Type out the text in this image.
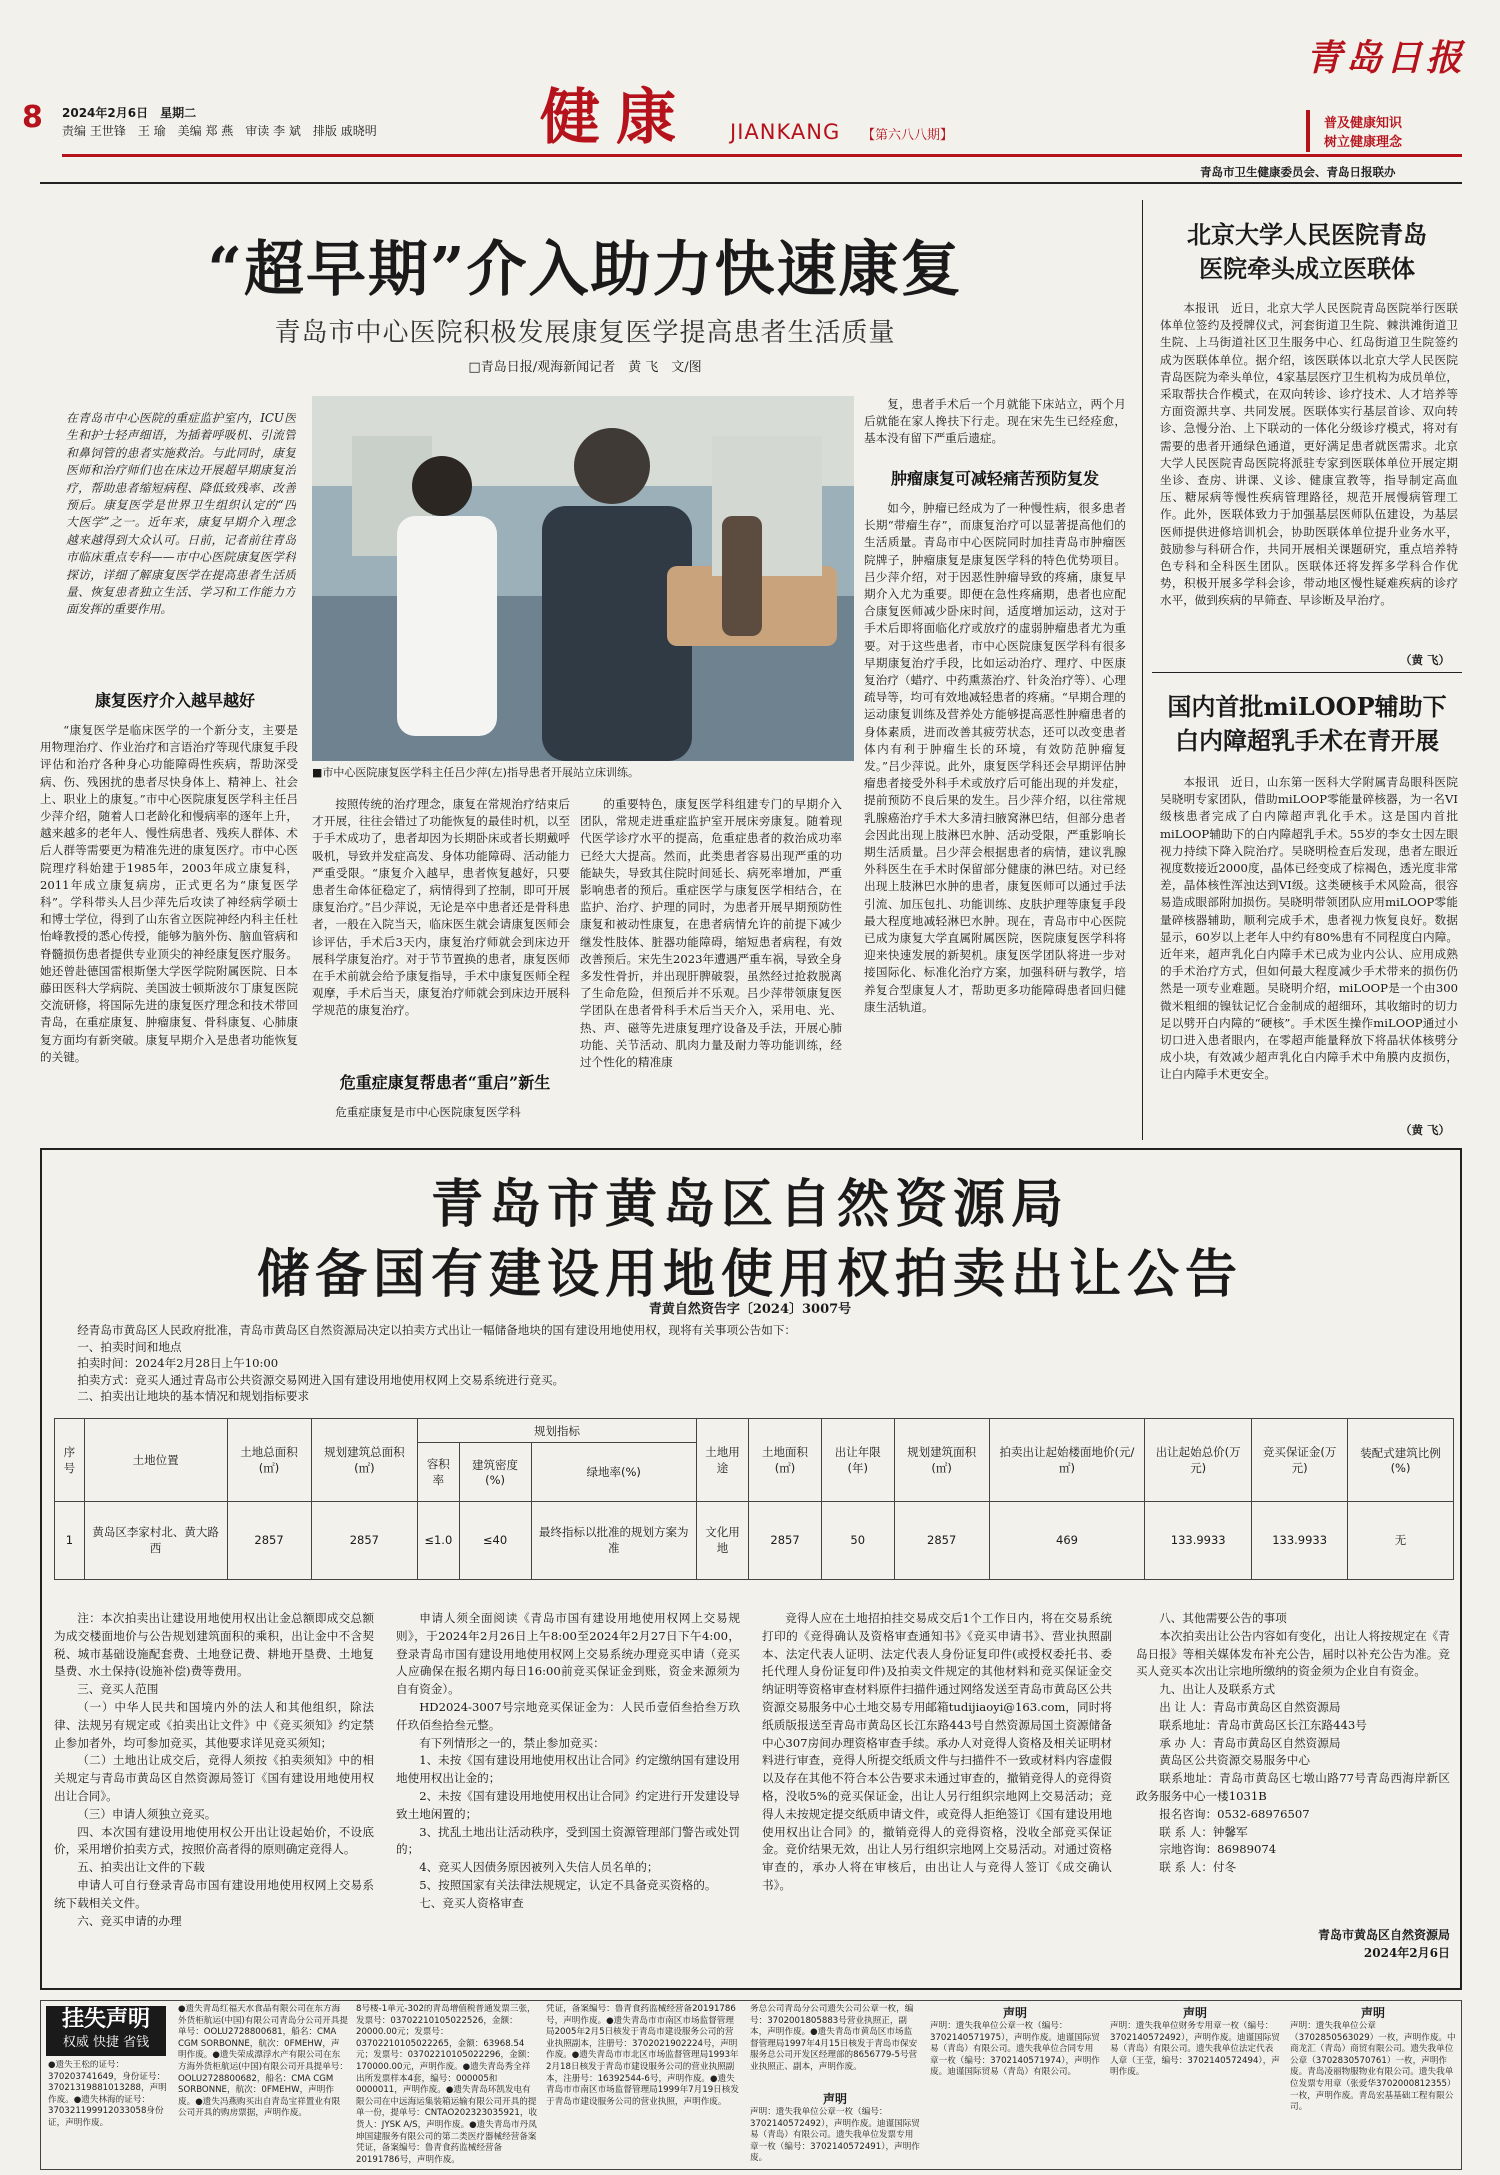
8 2024年2月6日　星期二
责编 王世锋　王 瑜　美编 郑 燕　审读 李 斌　排版 戚晓明	健康 JIANKANG 【第六八八期】
青岛日报
普及健康知识
树立健康理念
青岛市卫生健康委员会、青岛日报联办
“超早期”介入助力快速康复
青岛市中心医院积极发展康复医学提高患者生活质量
□青岛日报/观海新闻记者　黄 飞　文/图
在青岛市中心医院的重症监护室内，ICU医生和护士轻声细语，为插着呼吸机、引流管和鼻饲管的患者实施救治。与此同时，康复医师和治疗师们也在床边开展超早期康复治疗，帮助患者缩短病程、降低致残率、改善预后。康复医学是世界卫生组织认定的“四大医学”之一。近年来，康复早期介入理念越来越得到大众认可。日前，记者前往青岛市临床重点专科——市中心医院康复医学科探访，详细了解康复医学在提高患者生活质量、恢复患者独立生活、学习和工作能力方面发挥的重要作用。
康复医疗介入越早越好

“康复医学是临床医学的一个新分支，主要是用物理治疗、作业治疗和言语治疗等现代康复手段评估和治疗各种身心功能障碍性疾病，帮助深受病、伤、残困扰的患者尽快身体上、精神上、社会上、职业上的康复。”市中心医院康复医学科主任吕少萍介绍，随着人口老龄化和慢病率的逐年上升，越来越多的老年人、慢性病患者、残疾人群体、术后人群等需要更为精准先进的康复医疗。市中心医院理疗科始建于1985年，2003年成立康复科，2011年成立康复病房，正式更名为“康复医学科”。学科带头人吕少萍先后攻读了神经病学硕士和博士学位，得到了山东省立医院神经内科主任杜怡峰教授的悉心传授，能够为脑外伤、脑血管病和脊髓损伤患者提供专业顶尖的神经康复医疗服务。她还曾赴德国雷根斯堡大学医学院附属医院、日本藤田医科大学病院、美国波士顿斯波尔丁康复医院交流研修，将国际先进的康复医疗理念和技术带回青岛，在重症康复、肿瘤康复、骨科康复、心肺康复方面均有新突破。康复早期介入是患者功能恢复的关键。

■市中心医院康复医学科主任吕少萍(左)指导患者开展站立床训练。

按照传统的治疗理念，康复在常规治疗结束后才开展，往往会错过了功能恢复的最佳时机，以至于手术成功了，患者却因为长期卧床或者长期戴呼吸机，导致并发症高发、身体功能障碍、活动能力严重受限。“康复介入越早，患者恢复越好，只要患者生命体征稳定了，病情得到了控制，即可开展康复治疗。”吕少萍说，无论是卒中患者还是骨科患者，一般在入院当天，临床医生就会请康复医师会诊评估，手术后3天内，康复治疗师就会到床边开展科学康复治疗。对于节节置换的患者，康复医师在手术前就会给予康复指导，手术中康复医师全程观摩，手术后当天，康复治疗师就会到床边开展科学规范的康复治疗。

危重症康复帮患者“重启”新生

危重症康复是市中心医院康复医学科

的重要特色，康复医学科组建专门的早期介入团队，常规走进重症监护室开展床旁康复。随着现代医学诊疗水平的提高，危重症患者的救治成功率已经大大提高。然而，此类患者容易出现严重的功能缺失，导致其住院时间延长、病死率增加，严重影响患者的预后。重症医学与康复医学相结合，在监护、治疗、护理的同时，为患者开展早期预防性康复和被动性康复，在患者病情允许的前提下减少继发性肢体、脏器功能障碍，缩短患者病程，有效改善预后。宋先生2023年遭遇严重车祸，导致全身多发性骨折，并出现肝脾破裂，虽然经过抢救脱离了生命危险，但预后并不乐观。吕少萍带领康复医学团队在患者骨科手术后当天介入，采用电、光、热、声、磁等先进康复理疗设备及手法，开展心肺功能、关节活动、肌肉力量及耐力等功能训练，经过个性化的精准康

复，患者手术后一个月就能下床站立，两个月后就能在家人搀扶下行走。现在宋先生已经痊愈，基本没有留下严重后遗症。

肿瘤康复可减轻痛苦预防复发

如今，肿瘤已经成为了一种慢性病，很多患者长期“带瘤生存”，而康复治疗可以显著提高他们的生活质量。青岛市中心医院同时加挂青岛市肿瘤医院牌子，肿瘤康复是康复医学科的特色优势项目。吕少萍介绍，对于因恶性肿瘤导致的疼痛，康复早期介入尤为重要。即便在急性疼痛期，患者也应配合康复医师减少卧床时间，适度增加运动，这对于手术后即将面临化疗或放疗的虚弱肿瘤患者尤为重要。对于这些患者，市中心医院康复医学科有很多早期康复治疗手段，比如运动治疗、理疗、中医康复治疗（蜡疗、中药熏蒸治疗、针灸治疗等）、心理疏导等，均可有效地减轻患者的疼痛。“早期合理的运动康复训练及营养处方能够提高恶性肿瘤患者的身体素质，进而改善其疲劳状态，还可以改变患者体内有利于肿瘤生长的环境，有效防范肿瘤复发。”吕少萍说。此外，康复医学科还会早期评估肿瘤患者接受外科手术或放疗后可能出现的并发症，提前预防不良后果的发生。吕少萍介绍，以往常规乳腺癌治疗手术大多清扫腋窝淋巴结，但部分患者会因此出现上肢淋巴水肿、活动受限，严重影响长期生活质量。吕少萍会根据患者的病情，建议乳腺外科医生在手术时保留部分健康的淋巴结。对已经出现上肢淋巴水肿的患者，康复医师可以通过手法引流、加压包扎、功能训练、皮肤护理等康复手段最大程度地减轻淋巴水肿。现在，青岛市中心医院已成为康复大学直属附属医院，医院康复医学科将迎来快速发展的新契机。康复医学团队将进一步对接国际化、标准化治疗方案，加强科研与教学，培养复合型康复人才，帮助更多功能障碍患者回归健康生活轨道。

北京大学人民医院青岛
医院牵头成立医联体

本报讯　近日，北京大学人民医院青岛医院举行医联体单位签约及授牌仪式，河套街道卫生院、棘洪滩街道卫生院、上马街道社区卫生服务中心、红岛街道卫生院签约成为医联体单位。据介绍，该医联体以北京大学人民医院青岛医院为牵头单位，4家基层医疗卫生机构为成员单位，采取帮扶合作模式，在双向转诊、诊疗技术、人才培养等方面资源共享、共同发展。医联体实行基层首诊、双向转诊、急慢分治、上下联动的一体化分级诊疗模式，将对有需要的患者开通绿色通道，更好满足患者就医需求。北京大学人民医院青岛医院将派驻专家到医联体单位开展定期坐诊、查房、讲课、义诊、健康宣教等，指导制定高血压、糖尿病等慢性疾病管理路径，规范开展慢病管理工作。此外，医联体致力于加强基层医师队伍建设，为基层医师提供进修培训机会，协助医联体单位提升业务水平，鼓励参与科研合作，共同开展相关课题研究，重点培养特色专科和全科医生团队。医联体还将发挥多学科合作优势，积极开展多学科会诊，带动地区慢性疑难疾病的诊疗水平，做到疾病的早筛查、早诊断及早治疗。

（黄 飞）
国内首批miLOOP辅助下
白内障超乳手术在青开展

本报讯　近日，山东第一医科大学附属青岛眼科医院吴晓明专家团队，借助miLOOP零能量碎核器，为一名VI级核患者完成了白内障超声乳化手术。这是国内首批miLOOP辅助下的白内障超乳手术。55岁的李女士因左眼视力持续下降入院治疗。吴晓明检查后发现，患者左眼近视度数接近2000度，晶体已经变成了棕褐色，透光度非常差，晶体核性浑浊达到VI级。这类硬核手术风险高，很容易造成眼部附加损伤。吴晓明带领团队应用miLOOP零能量碎核器辅助，顺利完成手术，患者视力恢复良好。数据显示，60岁以上老年人中约有80%患有不同程度白内障。近年来，超声乳化白内障手术已成为业内公认、应用成熟的手术治疗方式，但如何最大程度减少手术带来的损伤仍然是一项专业难题。吴晓明介绍，miLOOP是一个由300微米粗细的镍钛记忆合金制成的超细环，其收缩时的切力足以劈开白内障的“硬核”。手术医生操作miLOOP通过小切口进入患者眼内，在零超声能量释放下将晶状体核劈分成小块，有效减少超声乳化白内障手术中角膜内皮损伤，让白内障手术更安全。

（黄 飞）
青岛市黄岛区自然资源局
储备国有建设用地使用权拍卖出让公告
青黄自然资告字〔2024〕3007号
经青岛市黄岛区人民政府批准，青岛市黄岛区自然资源局决定以拍卖方式出让一幅储备地块的国有建设用地使用权，现将有关事项公告如下：
一、拍卖时间和地点
拍卖时间：2024年2月28日上午10:00
拍卖方式：竞买人通过青岛市公共资源交易网进入国有建设用地使用权网上交易系统进行竞买。
二、拍卖出让地块的基本情况和规划指标要求
序号	土地位置	土地总面积(㎡)	规划建筑总面积(㎡)	规划指标			土地用途	土地面积(㎡)	出让年限(年)	规划建筑面积(㎡)	拍卖出让起始楼面地价(元/㎡)	出让起始总价(万元)	竞买保证金(万元)	装配式建筑比例(%)
				容积率	建筑密度(%)	绿地率(%)								
1	黄岛区李家村北、黄大路西	2857	2857	≤1.0	≤40	最终指标以批准的规划方案为准	文化用地	2857	50	2857	469	133.9933	133.9933	无

注：本次拍卖出让建设用地使用权出让金总额即成交总额为成交楼面地价与公告规划建筑面积的乘积，出让金中不含契税、城市基础设施配套费、土地登记费、耕地开垦费、土地复垦费、水土保持(设施补偿)费等费用。

三、竞买人范围

（一）中华人民共和国境内外的法人和其他组织，除法律、法规另有规定或《拍卖出让文件》中《竞买须知》约定禁止参加者外，均可参加竞买，其他要求详见竞买须知；

（二）土地出让成交后，竞得人须按《拍卖须知》中的相关规定与青岛市黄岛区自然资源局签订《国有建设用地使用权出让合同》。

（三）申请人须独立竞买。

四、本次国有建设用地使用权公开出让设起始价，不设底价，采用增价拍卖方式，按照价高者得的原则确定竞得人。

五、拍卖出让文件的下载

申请人可自行登录青岛市国有建设用地使用权网上交易系统下载相关文件。

六、竞买申请的办理

申请人须全面阅读《青岛市国有建设用地使用权网上交易规则》，于2024年2月26日上午8:00至2024年2月27日下午4:00，登录青岛市国有建设用地使用权网上交易系统办理竞买申请（竞买人应确保在报名期内每日16:00前竞买保证金到账，资金来源须为自有资金）。

HD2024-3007号宗地竞买保证金为：人民币壹佰叁拾叁万玖仟玖佰叁拾叁元整。

有下列情形之一的，禁止参加竞买：

1、未按《国有建设用地使用权出让合同》约定缴纳国有建设用地使用权出让金的；

2、未按《国有建设用地使用权出让合同》约定进行开发建设导致土地闲置的；

3、扰乱土地出让活动秩序，受到国土资源管理部门警告或处罚的；

4、竞买人因债务原因被列入失信人员名单的；

5、按照国家有关法律法规规定，认定不具备竞买资格的。

七、竞买人资格审查

竞得人应在土地招拍挂交易成交后1个工作日内，将在交易系统打印的《竞得确认及资格审查通知书》《竞买申请书》、营业执照副本、法定代表人证明、法定代表人身份证复印件(或授权委托书、委托代理人身份证复印件)及拍卖文件规定的其他材料和竞买保证金交纳证明等资格审查材料原件扫描件通过网络发送至青岛市黄岛区公共资源交易服务中心土地交易专用邮箱tudijiaoyi@163.com，同时将纸质版报送至青岛市黄岛区长江东路443号自然资源局国土资源储备中心307房间办理资格审查手续。承办人对竞得人资格及相关证明材料进行审查，竞得人所提交纸质文件与扫描件不一致或材料内容虚假以及存在其他不符合本公告要求未通过审查的，撤销竞得人的竞得资格，没收5%的竞买保证金，出让人另行组织宗地网上交易活动；竞得人未按规定提交纸质申请文件，或竞得人拒绝签订《国有建设用地使用权出让合同》的，撤销竞得人的竞得资格，没收全部竞买保证金。竞价结果无效，出让人另行组织宗地网上交易活动。对通过资格审查的，承办人将在审核后，由出让人与竞得人签订《成交确认书》。

八、其他需要公告的事项

本次拍卖出让公告内容如有变化，出让人将按规定在《青岛日报》等相关媒体发布补充公告，届时以补充公告为准。竞买人竞买本次出让宗地所缴纳的资金须为企业自有资金。

九、出让人及联系方式

出 让 人：青岛市黄岛区自然资源局

联系地址：青岛市黄岛区长江东路443号

承 办 人：青岛市黄岛区自然资源局

黄岛区公共资源交易服务中心

联系地址：青岛市黄岛区七墩山路77号青岛西海岸新区政务服务中心一楼1031B

报名咨询：0532-68976507

联 系 人：钟馨军

宗地咨询：86989074

联 系 人：付冬

青岛市黄岛区自然资源局
2024年2月6日
挂失声明
权威 快捷 省钱
●遗失王松的证号：370203741649，身份证号：37021319881013288，声明作废。●遗失林海的证号：370321199912033058身份证，声明作废。
●遗失青岛红福天水食品有限公司在东方海外货柜航运(中国)有限公司青岛分公司开具提单号：OOLU2728800681，船名：CMA CGM SORBONNE，航次：0FMEHW，声明作废。●遗失荣成漂浮水产有限公司在东方海外货柜航运(中国)有限公司开具提单号：OOLU2728800682，船名：CMA CGM SORBONNE，航次：0FMEHW，声明作废。●遗失冯燕购买出自青岛宝祥置业有限公司开具的购房票据，声明作废。
8号楼-1单元-302的青岛增值税普通发票三张，发票号：03702210105022526，金额：20000.00元；发票号：03702210105022265，金额：63968.54元；发票号：03702210105022296，金额：170000.00元，声明作废。●遗失青岛秀全祥出所发票样本4套，编号：000005和0000011，声明作废。●遗失青岛环凯发电有限公司在中远海运集装箱运输有限公司开具的提单一份，提单号：CNTAO202323035921，收货人：JYSK A/S，声明作废。●遗失青岛市丹凤坤国建服务有限公司的第二类医疗器械经营备案凭证，备案编号：鲁青食药监械经营备20191786号，声明作废。
凭证，备案编号：鲁青食药监械经营备20191786号，声明作废。●遗失青岛市市南区市场监督管理局2005年2月5日核发于青岛市建设服务公司的营业执照副本，注册号：3702021902224号，声明作废。●遗失青岛市市北区市场监督管理局1993年2月18日核发于青岛市建设服务公司的营业执照副本，注册号：16392544-6号，声明作废。●遗失青岛市市南区市场监督管理局1999年7月19日核发于青岛市建设服务公司的营业执照，声明作废。
务总公司青岛分公司遗失公司公章一枚，编号：3702001805883号营业执照正，副本，声明作废。●遗失青岛市黄岛区市场监督管理局1997年4月15日核发于青岛市保安服务总公司开发区经理部的8656779-5号营业执照正、副本，声明作废。
声明
声明：遗失我单位公章一枚（编号：3702140571975），声明作废。迪谨国际贸易（青岛）有限公司。遗失我单位合同专用章一枚（编号：3702140571974），声明作废。迪谨国际贸易（青岛）有限公司。
声明
声明：遗失我单位财务专用章一枚（编号：3702140572492），声明作废。迪谨国际贸易（青岛）有限公司。遗失我单位法定代表人章（王莹，编号：3702140572494），声明作废。
声明
声明：遗失我单位公章（3702850563029）一枚，声明作废。中商龙汇（青岛）商贸有限公司。遗失我单位公章（3702830570761）一枚，声明作废。青岛凌丽物服物业有限公司。遗失我单位发票专用章（张爱华3702000812355）一枚，声明作废。青岛宏基基础工程有限公司。
声明
声明：遗失我单位公章一枚（编号：3702140572492），声明作废。迪谨国际贸易（青岛）有限公司。遗失我单位发票专用章一枚（编号：3702140572491），声明作废。
